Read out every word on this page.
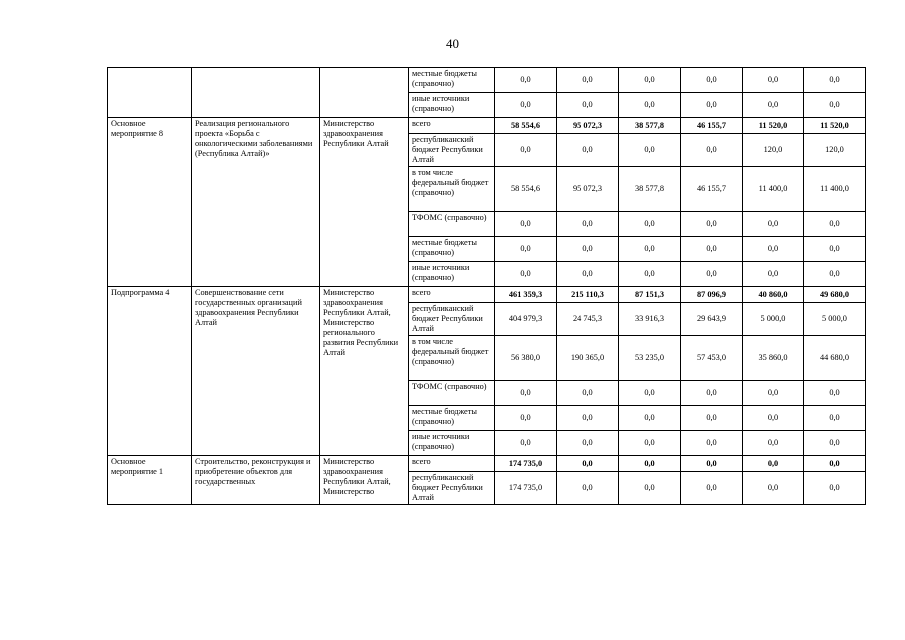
40
			местные бюджеты (справочно)	0,0	0,0	0,0	0,0	0,0	0,0
			иные источники (справочно)	0,0	0,0	0,0	0,0	0,0	0,0
Основное мероприятие 8	Реализация регионального проекта «Борьба с онкологическими заболеваниями (Республика Алтай)»	Министерство здравоохранения Республики Алтай	всего	58 554,6	95 072,3	38 577,8	46 155,7	11 520,0	11 520,0
			республиканский бюджет Республики Алтай	0,0	0,0	0,0	0,0	120,0	120,0
			в том числе федеральный бюджет (справочно)	58 554,6	95 072,3	38 577,8	46 155,7	11 400,0	11 400,0
			ТФОМС (справочно)	0,0	0,0	0,0	0,0	0,0	0,0
			местные бюджеты (справочно)	0,0	0,0	0,0	0,0	0,0	0,0
			иные источники (справочно)	0,0	0,0	0,0	0,0	0,0	0,0
Подпрограмма 4	Совершенствование сети государственных организаций здравоохранения Республики Алтай	Министерство здравоохранения Республики Алтай, Министерство регионального развития Республики Алтай	всего	461 359,3	215 110,3	87 151,3	87 096,9	40 860,0	49 680,0
			республиканский бюджет Республики Алтай	404 979,3	24 745,3	33 916,3	29 643,9	5 000,0	5 000,0
			в том числе федеральный бюджет (справочно)	56 380,0	190 365,0	53 235,0	57 453,0	35 860,0	44 680,0
			ТФОМС (справочно)	0,0	0,0	0,0	0,0	0,0	0,0
			местные бюджеты (справочно)	0,0	0,0	0,0	0,0	0,0	0,0
			иные источники (справочно)	0,0	0,0	0,0	0,0	0,0	0,0
Основное мероприятие 1	Строительство, реконструкция и приобретение объектов для государственных	Министерство здравоохранения Республики Алтай, Министерство	всего	174 735,0	0,0	0,0	0,0	0,0	0,0
			республиканский бюджет Республики Алтай	174 735,0	0,0	0,0	0,0	0,0	0,0
